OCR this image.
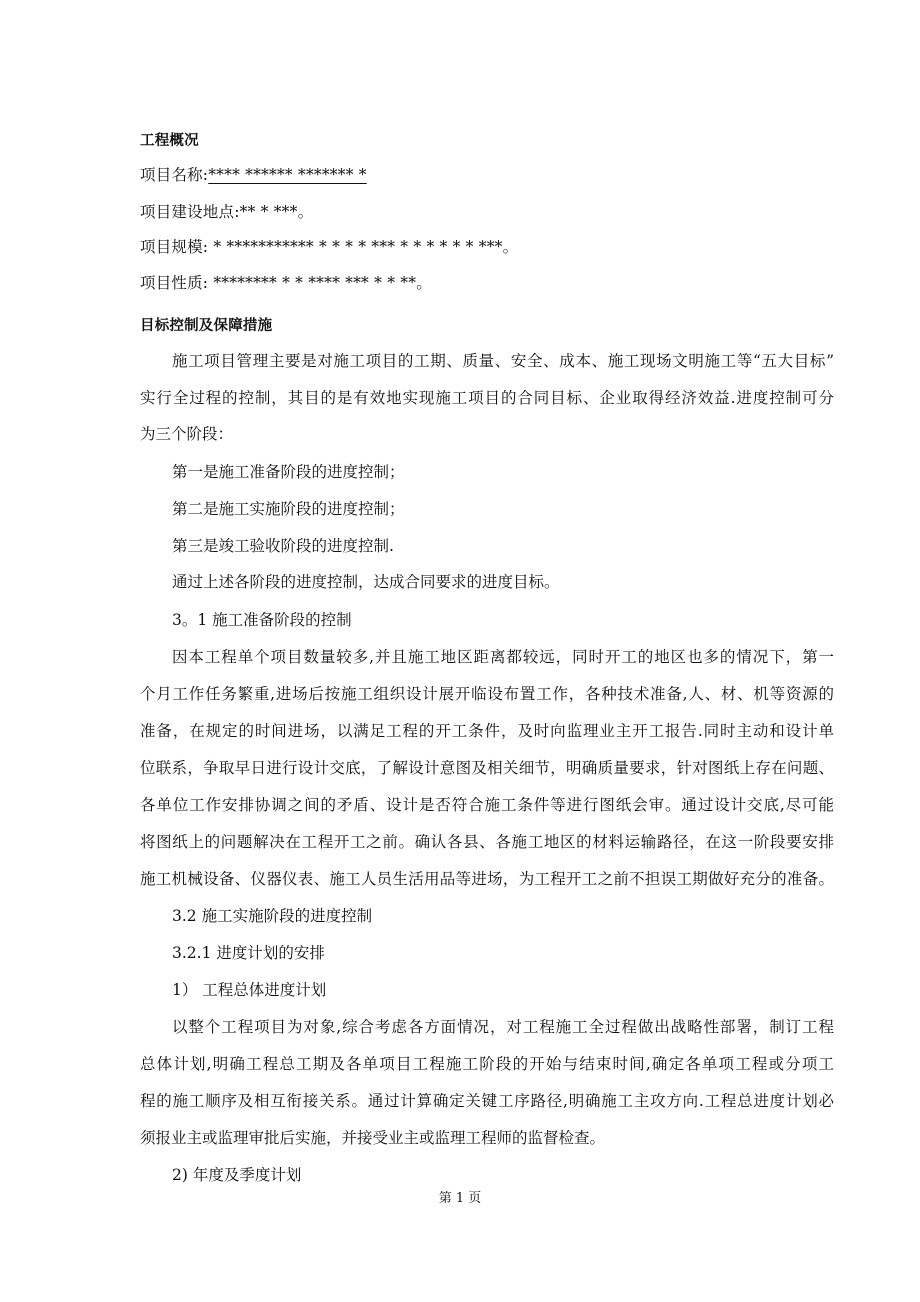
工程概况
项目名称:**** ****** ******* *
项目建设地点:** * ***。
项目规模: * *********** * * * * *** * * * * * * ***。
项目性质: ******** * * **** *** * * **。
目标控制及保障措施
施工项目管理主要是对施工项目的工期、质量、安全、成本、施工现场文明施工等“五大目标”
实行全过程的控制，其目的是有效地实现施工项目的合同目标、企业取得经济效益.进度控制可分
为三个阶段：
第一是施工准备阶段的进度控制；
第二是施工实施阶段的进度控制；
第三是竣工验收阶段的进度控制.
通过上述各阶段的进度控制，达成合同要求的进度目标。
3。1 施工准备阶段的控制
因本工程单个项目数量较多,并且施工地区距离都较远，同时开工的地区也多的情况下，第一
个月工作任务繁重,进场后按施工组织设计展开临设布置工作，各种技术准备,人、材、机等资源的
准备，在规定的时间进场，以满足工程的开工条件，及时向监理业主开工报告.同时主动和设计单
位联系，争取早日进行设计交底，了解设计意图及相关细节，明确质量要求，针对图纸上存在问题、
各单位工作安排协调之间的矛盾、设计是否符合施工条件等进行图纸会审。通过设计交底,尽可能
将图纸上的问题解决在工程开工之前。确认各县、各施工地区的材料运输路径，在这一阶段要安排
施工机械设备、仪器仪表、施工人员生活用品等进场，为工程开工之前不担误工期做好充分的准备。
3.2 施工实施阶段的进度控制
3.2.1 进度计划的安排
1） 工程总体进度计划
以整个工程项目为对象,综合考虑各方面情况，对工程施工全过程做出战略性部署，制订工程
总体计划,明确工程总工期及各单项目工程施工阶段的开始与结束时间,确定各单项工程或分项工
程的施工顺序及相互衔接关系。通过计算确定关键工序路径,明确施工主攻方向.工程总进度计划必
须报业主或监理审批后实施，并接受业主或监理工程师的监督检查。
2) 年度及季度计划
第 1 页
